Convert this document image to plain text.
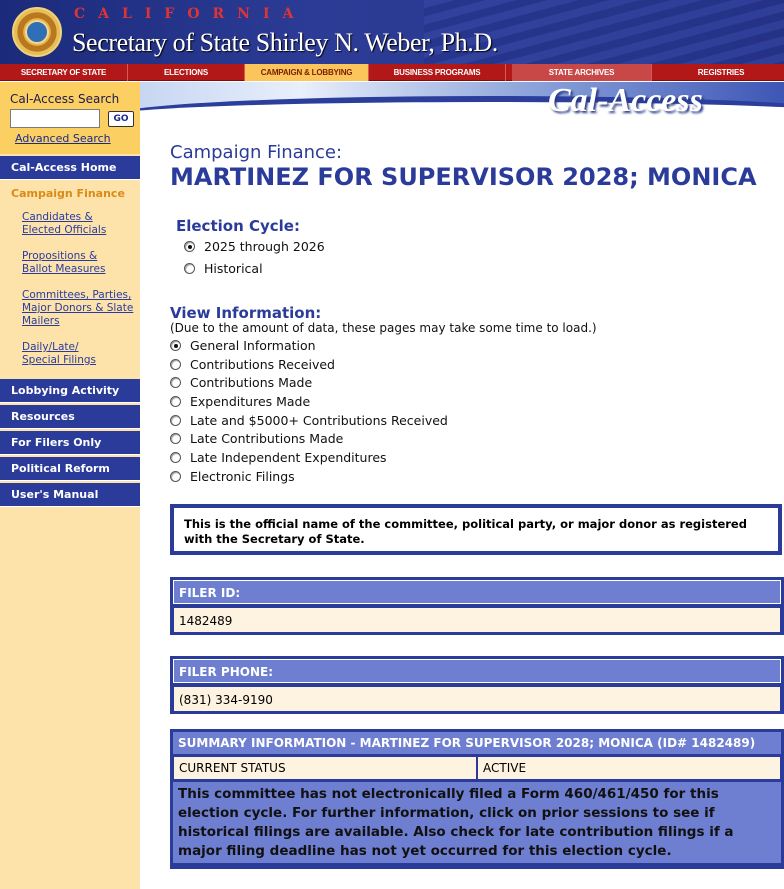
CALIFORNIA
Secretary of State Shirley N. Weber, Ph.D.
SECRETARY OF STATE	ELECTIONS	CAMPAIGN & LOBBYING	BUSINESS PROGRAMS	STATE ARCHIVES	REGISTRIES
Cal-Access Search
GO
Advanced Search
Cal-Access Home
Campaign Finance
Candidates &
Elected Officials
Propositions &
Ballot Measures
Committees, Parties,
Major Donors & Slate
Mailers
Daily/Late/
Special Filings
Lobbying Activity
Resources
For Filers Only
Political Reform
User's Manual
Cal-Access
Campaign Finance:
MARTINEZ FOR SUPERVISOR 2028; MONICA
Election Cycle:
2025 through 2026
Historical
View Information:
(Due to the amount of data, these pages may take some time to load.)
General Information
Contributions Received
Contributions Made
Expenditures Made
Late and $5000+ Contributions Received
Late Contributions Made
Late Independent Expenditures
Electronic Filings
This is the official name of the committee, political party, or major donor as registered with the Secretary of State.
FILER ID:
1482489
FILER PHONE:
(831) 334-9190
SUMMARY INFORMATION - MARTINEZ FOR SUPERVISOR 2028; MONICA (ID# 1482489)
CURRENT STATUS	ACTIVE
This committee has not electronically filed a Form 460/461/450 for this election cycle. For further information, click on prior sessions to see if historical filings are available. Also check for late contribution filings if a major filing deadline has not yet occurred for this election cycle.
